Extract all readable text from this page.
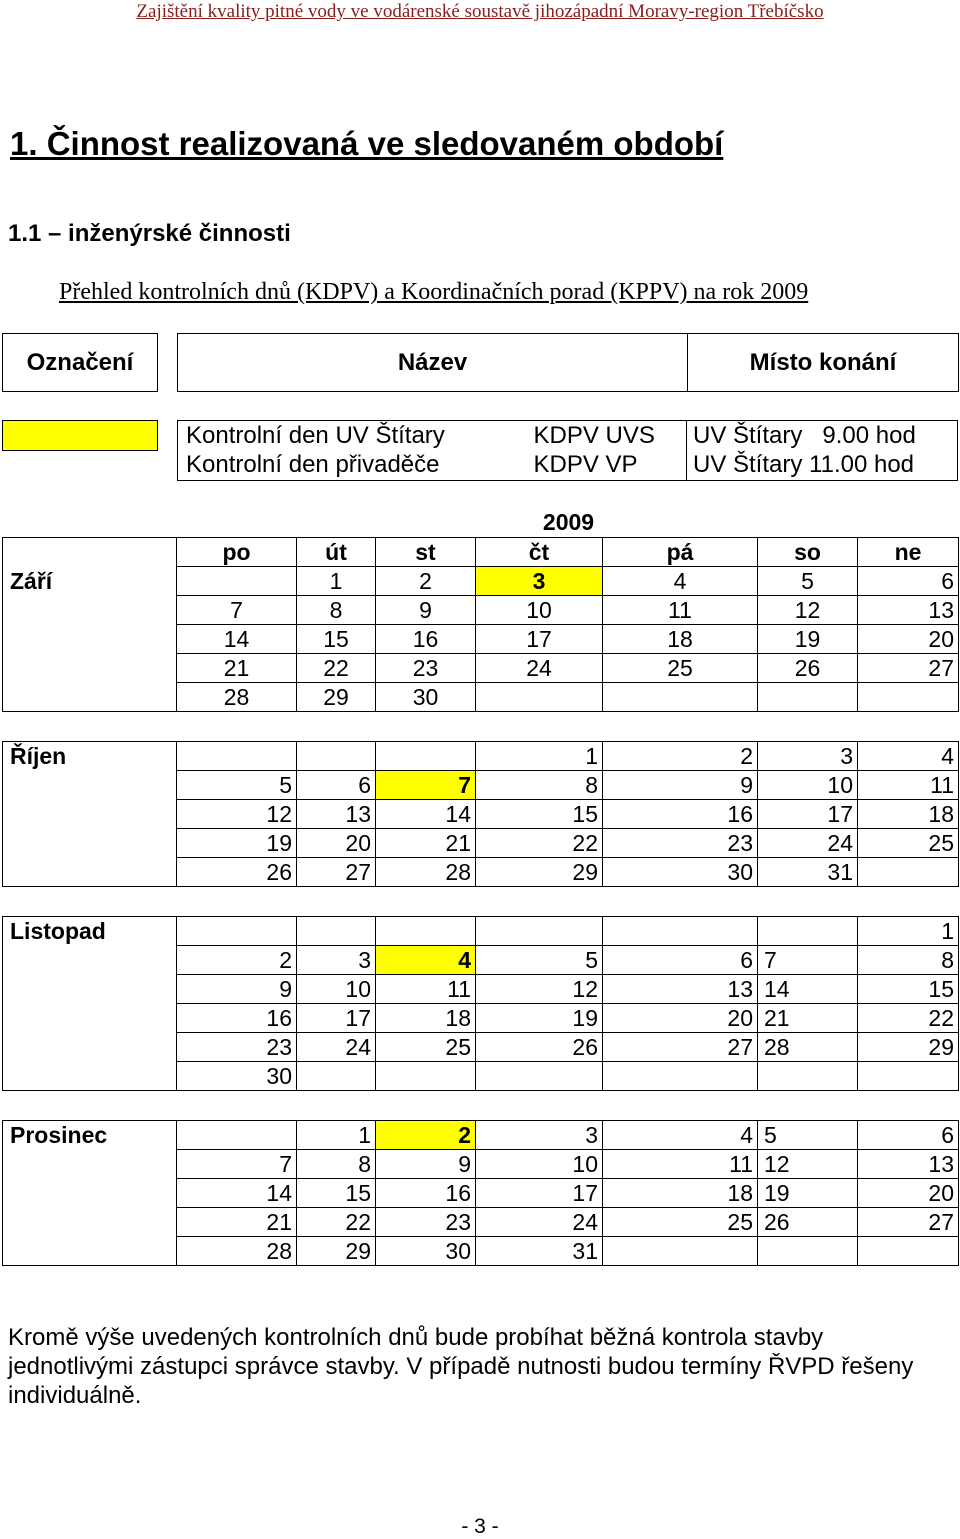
Zajištění kvality pitné vody ve vodárenské soustavě jihozápadní Moravy-region Třebíčsko
1. Činnost realizovaná ve sledovaném období
1.1 – inženýrské činnosti
Přehled kontrolních dnů (KDPV) a Koordinačních porad (KPPV) na rok 2009
Označení		Název	Místo konání
		Kontrolní den UV Štítary	KDPV UVS	UV Štítary   9.00 hod
		Kontrolní den přivaděče	KDPV VP	UV Štítary 11.00 hod
2009
	po	út	st	čt	pá	so	ne
Září		1	2	3	4	5	6
	7	8	9	10	11	12	13
	14	15	16	17	18	19	20
	21	22	23	24	25	26	27
	28	29	30				
Říjen				1	2	3	4
	5	6	7	8	9	10	11
	12	13	14	15	16	17	18
	19	20	21	22	23	24	25
	26	27	28	29	30	31	
Listopad							1
	2	3	4	5	6	7	8
	9	10	11	12	13	14	15
	16	17	18	19	20	21	22
	23	24	25	26	27	28	29
	30						
Prosinec		1	2	3	4	5	6
	7	8	9	10	11	12	13
	14	15	16	17	18	19	20
	21	22	23	24	25	26	27
	28	29	30	31			
Kromě výše uvedených kontrolních dnů bude probíhat běžná kontrola stavby jednotlivými zástupci správce stavby. V případě nutnosti budou termíny ŘVPD řešeny individuálně.
- 3 -
